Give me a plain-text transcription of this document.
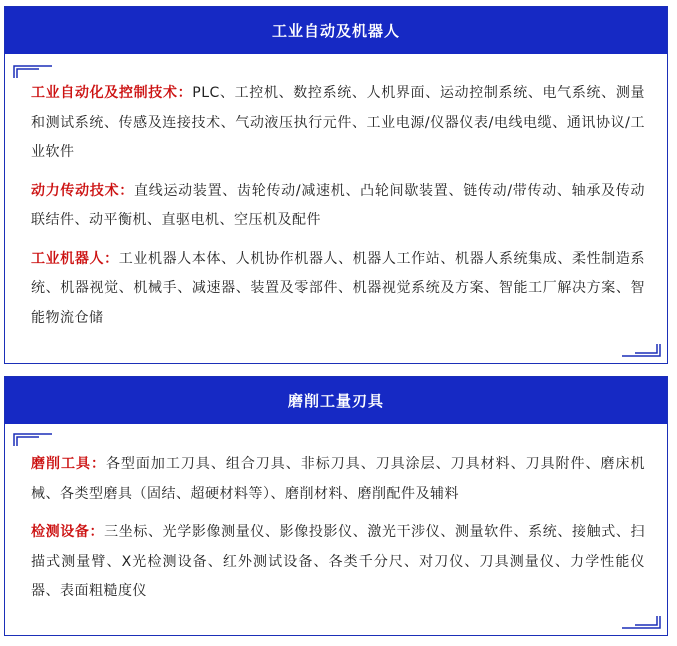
工业自动及机器人

工业自动化及控制技术：PLC、工控机、数控系统、人机界面、运动控制系统、电气系统、测量和测试系统、传感及连接技术、气动液压执行元件、工业电源/仪器仪表/电线电缆、通讯协议/工业软件

动力传动技术：直线运动装置、齿轮传动/减速机、凸轮间歇装置、链传动/带传动、轴承及传动联结件、动平衡机、直驱电机、空压机及配件

工业机器人：工业机器人本体、人机协作机器人、机器人工作站、机器人系统集成、柔性制造系统、机器视觉、机械手、减速器、装置及零部件、机器视觉系统及方案、智能工厂解决方案、智能物流仓储

磨削工量刃具

磨削工具：各型面加工刀具、组合刀具、非标刀具、刀具涂层、刀具材料、刀具附件、磨床机械、各类型磨具（固结、超硬材料等）、磨削材料、磨削配件及辅料

检测设备：三坐标、光学影像测量仪、影像投影仪、激光干涉仪、测量软件、系统、接触式、扫描式测量臂、X光检测设备、红外测试设备、各类千分尺、对刀仪、刀具测量仪、力学性能仪器、表面粗糙度仪
